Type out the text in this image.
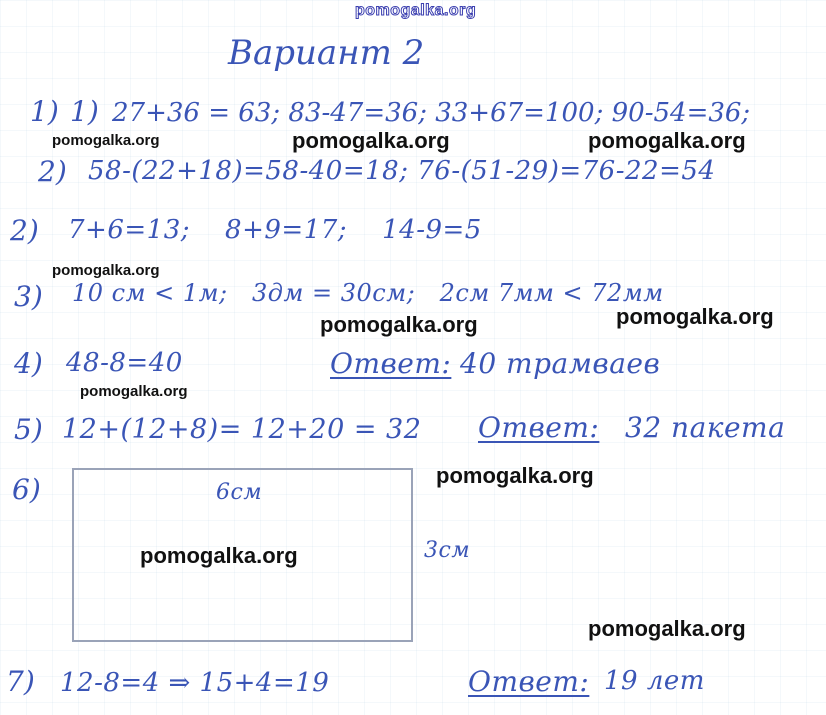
pomogalka.org
Вариант 2
1) 1) 27+36 = 63; 83-47=36; 33+67=100; 90-54=36;
2) 58-(22+18)=58-40=18; 76-(51-29)=76-22=54
2) 7+6=13;    8+9=17;    14-9=5
3) 10 см < 1м;   3дм = 30см;   2см 7мм < 72мм
4) 48-8=40	Ответ: 40 трамваев
5) 12+(12+8)= 12+20 = 32 Ответ: 32 пакета
6)	6см
3см
7) 12-8=4 ⇒ 15+4=19	Ответ: 19 лет
pomogalka.org	pomogalka.org	pomogalka.org
pomogalka.org
pomogalka.org	pomogalka.org
pomogalka.org
pomogalka.org
pomogalka.org
pomogalka.org
